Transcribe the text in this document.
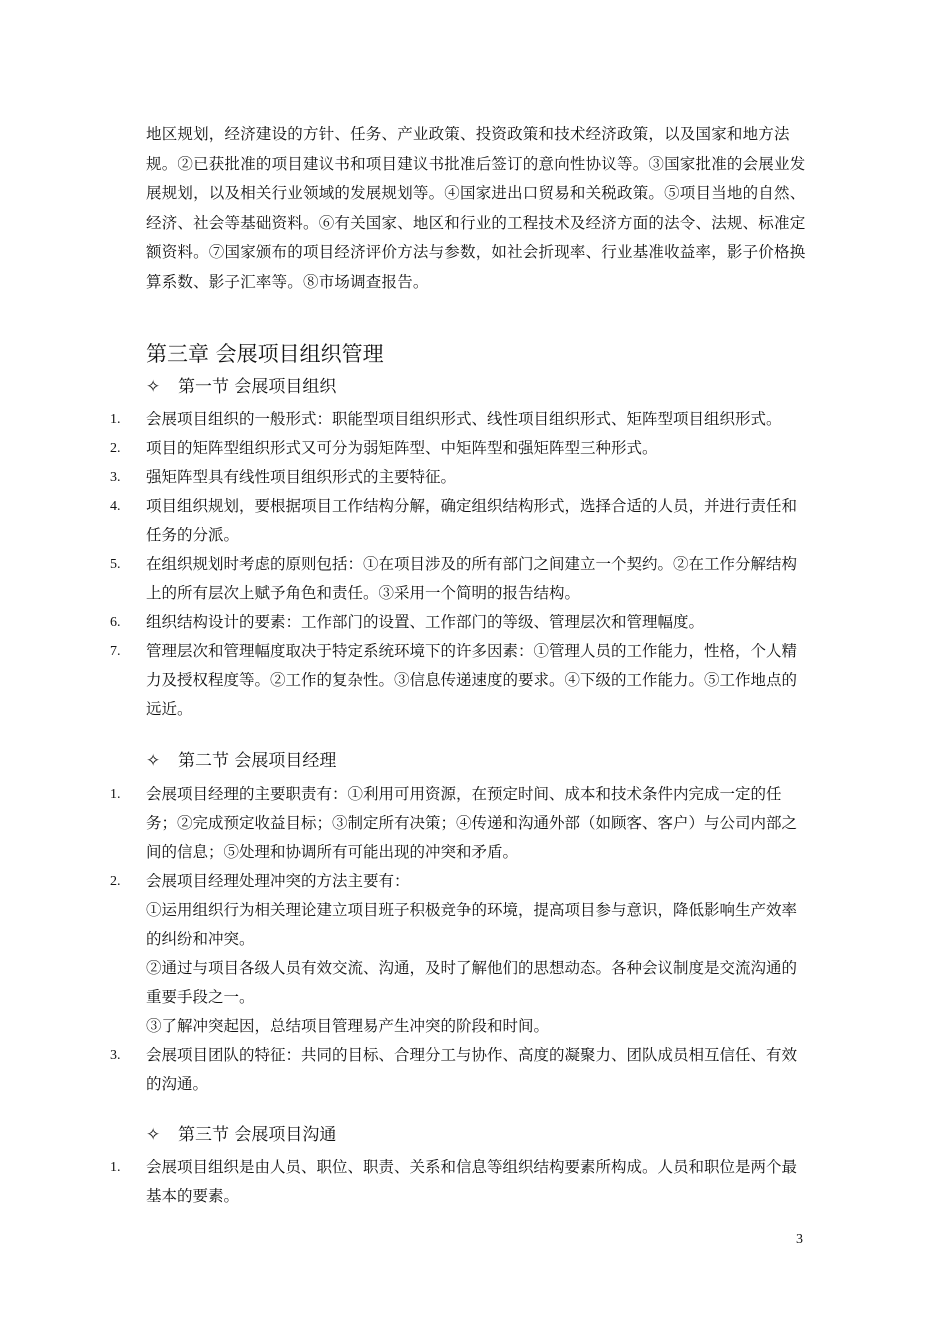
地区规划，经济建设的方针、任务、产业政策、投资政策和技术经济政策，以及国家和地方法规。②已获批准的项目建议书和项目建议书批准后签订的意向性协议等。③国家批准的会展业发展规划，以及相关行业领域的发展规划等。④国家进出口贸易和关税政策。⑤项目当地的自然、经济、社会等基础资料。⑥有关国家、地区和行业的工程技术及经济方面的法令、法规、标准定额资料。⑦国家颁布的项目经济评价方法与参数，如社会折现率、行业基准收益率，影子价格换算系数、影子汇率等。⑧市场调查报告。

第三章 会展项目组织管理
✧ 第一节 会展项目组织
1.	会展项目组织的一般形式：职能型项目组织形式、线性项目组织形式、矩阵型项目组织形式。
2.	项目的矩阵型组织形式又可分为弱矩阵型、中矩阵型和强矩阵型三种形式。
3.	强矩阵型具有线性项目组织形式的主要特征。
4.	项目组织规划，要根据项目工作结构分解，确定组织结构形式，选择合适的人员，并进行责任和任务的分派。
5.	在组织规划时考虑的原则包括：①在项目涉及的所有部门之间建立一个契约。②在工作分解结构上的所有层次上赋予角色和责任。③采用一个简明的报告结构。
6.	组织结构设计的要素：工作部门的设置、工作部门的等级、管理层次和管理幅度。
7.	管理层次和管理幅度取决于特定系统环境下的许多因素：①管理人员的工作能力，性格，个人精力及授权程度等。②工作的复杂性。③信息传递速度的要求。④下级的工作能力。⑤工作地点的远近。
✧ 第二节 会展项目经理
1.	会展项目经理的主要职责有：①利用可用资源，在预定时间、成本和技术条件内完成一定的任务；②完成预定收益目标；③制定所有决策；④传递和沟通外部（如顾客、客户）与公司内部之间的信息；⑤处理和协调所有可能出现的冲突和矛盾。
2.	会展项目经理处理冲突的方法主要有：
①运用组织行为相关理论建立项目班子积极竞争的环境，提高项目参与意识，降低影响生产效率的纠纷和冲突。
②通过与项目各级人员有效交流、沟通，及时了解他们的思想动态。各种会议制度是交流沟通的重要手段之一。
③了解冲突起因，总结项目管理易产生冲突的阶段和时间。
3.	会展项目团队的特征：共同的目标、合理分工与协作、高度的凝聚力、团队成员相互信任、有效的沟通。
✧ 第三节 会展项目沟通
1.	会展项目组织是由人员、职位、职责、关系和信息等组织结构要素所构成。人员和职位是两个最基本的要素。
3
